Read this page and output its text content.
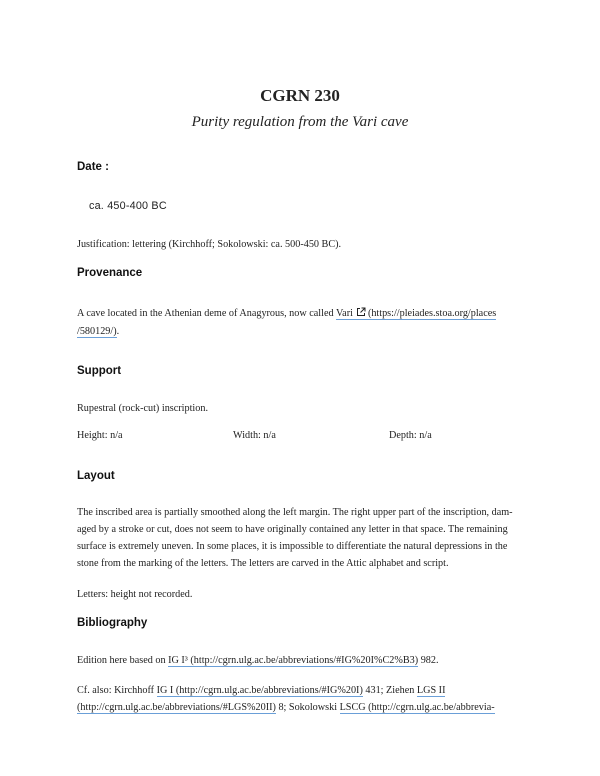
CGRN 230
Purity regulation from the Vari cave
Date :
ca. 450-400 BC
Justification: lettering (Kirchhoff; Sokolowski: ca. 500-450 BC).
Provenance
A cave located in the Athenian deme of Anagyrous, now called Vari (https://pleiades.stoa.org/places
/580129/).
Support
Rupestral (rock-cut) inscription.
Height: n/a	Width: n/a	Depth: n/a
Layout
The inscribed area is partially smoothed along the left margin. The right upper part of the inscription, dam-
aged by a stroke or cut, does not seem to have originally contained any letter in that space. The remaining
surface is extremely uneven. In some places, it is impossible to differentiate the natural depressions in the
stone from the marking of the letters. The letters are carved in the Attic alphabet and script.
Letters: height not recorded.
Bibliography
Edition here based on IG I³ (http://cgrn.ulg.ac.be/abbreviations/#IG%20I%C2%B3) 982.
Cf. also: Kirchhoff IG I (http://cgrn.ulg.ac.be/abbreviations/#IG%20I) 431; Ziehen LGS II
(http://cgrn.ulg.ac.be/abbreviations/#LGS%20II) 8; Sokolowski LSCG (http://cgrn.ulg.ac.be/abbrevia-
